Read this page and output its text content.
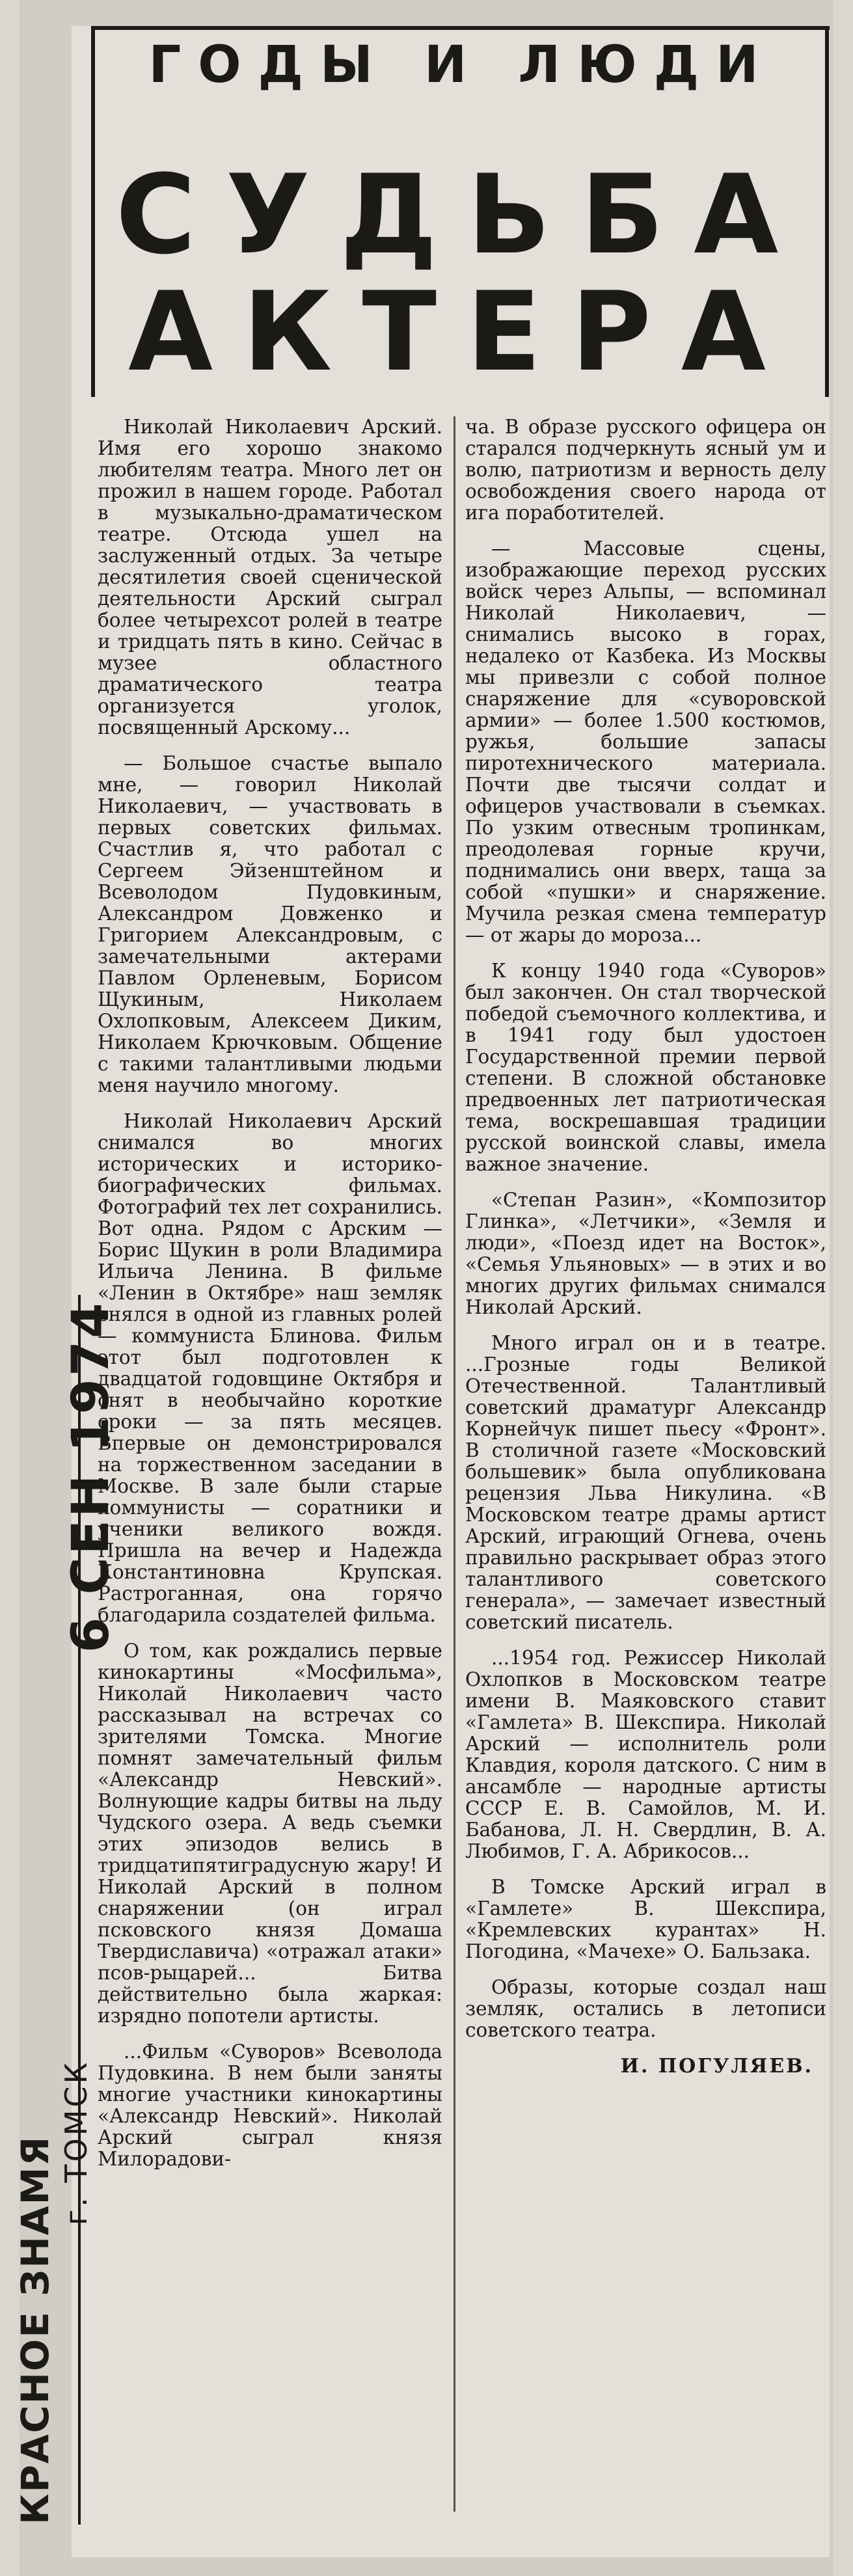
ГОДЫ И ЛЮДИ
СУДЬБА
АКТЕРА

Николай Николаевич Арский. Имя его хорошо знакомо любителям театра. Много лет он прожил в нашем городе. Работал в музыкально-драматическом театре. Отсюда ушел на заслуженный отдых. За четыре десятилетия своей сценической деятельности Арский сыграл более четырехсот ролей в театре и тридцать пять в кино. Сейчас в музее областного драматического театра организуется уголок, посвященный Арскому...

— Большое счастье выпало мне, — говорил Николай Николаевич, — участвовать в первых советских фильмах. Счастлив я, что работал с Сергеем Эйзенштейном и Всеволодом Пудовкиным, Александром Довженко и Григорием Александровым, с замечательными актерами Павлом Орленевым, Борисом Щукиным, Николаем Охлопковым, Алексеем Диким, Николаем Крючковым. Общение с такими талантливыми людьми меня научило многому.

Николай Николаевич Арский снимался во многих исторических и историко-биографических фильмах. Фотографий тех лет сохранились. Вот одна. Рядом с Арским — Борис Щукин в роли Владимира Ильича Ленина. В фильме «Ленин в Октябре» наш земляк снялся в одной из главных ролей — коммуниста Блинова. Фильм этот был подготовлен к двадцатой годовщине Октября и снят в необычайно короткие сроки — за пять месяцев. Впервые он демонстрировался на торжественном заседании в Москве. В зале были старые коммунисты — соратники и ученики великого вождя. Пришла на вечер и Надежда Константиновна Крупская. Растроганная, она горячо благодарила создателей фильма.

О том, как рождались первые кинокартины «Мосфильма», Николай Николаевич часто рассказывал на встречах со зрителями Томска. Многие помнят замечательный фильм «Александр Невский». Волнующие кадры битвы на льду Чудского озера. А ведь съемки этих эпизодов велись в тридцатипятиградусную жару! И Николай Арский в полном снаряжении (он играл псковского князя Домаша Твердиславича) «отражал атаки» псов-рыцарей... Битва действительно была жаркая: изрядно попотели артисты.

...Фильм «Суворов» Всеволода Пудовкина. В нем были заняты многие участники кинокартины «Александр Невский». Николай Арский сыграл князя Милорадови-

ча. В образе русского офицера он старался подчеркнуть ясный ум и волю, патриотизм и верность делу освобождения своего народа от ига поработителей.

— Массовые сцены, изображающие переход русских войск через Альпы, — вспоминал Николай Николаевич, — снимались высоко в горах, недалеко от Казбека. Из Москвы мы привезли с собой полное снаряжение для «суворовской армии» — более 1.500 костюмов, ружья, большие запасы пиротехнического материала. Почти две тысячи солдат и офицеров участвовали в съемках. По узким отвесным тропинкам, преодолевая горные кручи, поднимались они вверх, таща за собой «пушки» и снаряжение. Мучила резкая смена температур — от жары до мороза...

К концу 1940 года «Суворов» был закончен. Он стал творческой победой съемочного коллектива, и в 1941 году был удостоен Государственной премии первой степени. В сложной обстановке предвоенных лет патриотическая тема, воскрешавшая традиции русской воинской славы, имела важное значение.

«Степан Разин», «Композитор Глинка», «Летчики», «Земля и люди», «Поезд идет на Восток», «Семья Ульяновых» — в этих и во многих других фильмах снимался Николай Арский.

Много играл он и в театре. ...Грозные годы Великой Отечественной. Талантливый советский драматург Александр Корнейчук пишет пьесу «Фронт». В столичной газете «Московский большевик» была опубликована рецензия Льва Никулина. «В Московском театре драмы артист Арский, играющий Огнева, очень правильно раскрывает образ этого талантливого советского генерала», — замечает известный советский писатель.

...1954 год. Режиссер Николай Охлопков в Московском театре имени В. Маяковского ставит «Гамлета» В. Шекспира. Николай Арский — исполнитель роли Клавдия, короля датского. С ним в ансамбле — народные артисты СССР Е. В. Самойлов, М. И. Бабанова, Л. Н. Свердлин, В. А. Любимов, Г. А. Абрикосов...

В Томске Арский играл в «Гамлете» В. Шекспира, «Кремлевских курантах» Н. Погодина, «Мачехе» О. Бальзака.

Образы, которые создал наш земляк, остались в летописи советского театра.

И. ПОГУЛЯЕВ.
6 СЕН 1974
КРАСНОЕ ЗНАМЯ г. ТОМСК
